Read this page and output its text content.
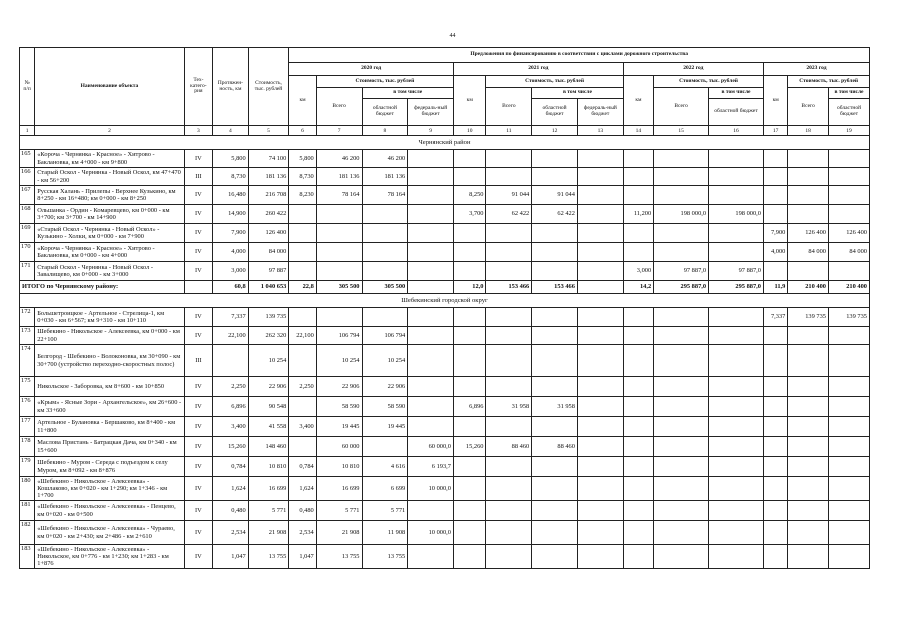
44
№ п/п	Наименование объекта	Тех-катего-рия	Протяжен-ность, км	Стоимость, тыс. рублей	Предложения по финансированию в соответствии с циклами дорожного строительства													
					2020 год				2021 год				2022 год			2023 год		
					км	Стоимость, тыс. рублей			км	Стоимость, тыс. рублей			км	Стоимость, тыс. рублей		км	Стоимость, тыс. рублей	
						Всего	в том числе			Всего	в том числе			Всего	в том числе		Всего	в том числе
							областной бюджет	федераль-ный бюджет			областной бюджет	федераль-ный бюджет			областной бюджет			областной бюджет
1	2	3	4	5	6	7	8	9	10	11	12	13	14	15	16	17	18	19
Чернянский район																		
165	«Короча - Чернянка - Красное» - Хитрово - Баклановка, км 4+000 - км 9+800	IV	5,800	74 100	5,800	46 200	46 200											
166	Старый Оскол - Чернянка - Новый Оскол, км 47+470 - км 56+200	III	8,730	181 136	8,730	181 136	181 136											
167	Русская Халань - Прилепы - Верхнее Кузькино, км 8+250 - км 16+480; км 0+000 - км 8+250	IV	16,480	216 708	8,230	78 164	78 164		8,250	91 044	91 044							
168	Ольшанка - Ордин - Комаревцево, км 0+000 - км 3+700; км 3+700 - км 14+900	IV	14,900	260 422					3,700	62 422	62 422		11,200	198 000,0	198 000,0			
169	«Старый Оскол - Чернянка - Новый Оскол» - Кузькино - Холки, км 0+000 - км 7+900	IV	7,900	126 400												7,900	126 400	126 400
170	«Короча - Чернянка - Красное» - Хитрово - Баклановка, км 0+000 - км 4+000	IV	4,000	84 000												4,000	84 000	84 000
171	Старый Оскол - Чернянка - Новый Оскол - Завалищево, км 0+000 - км 3+000	IV	3,000	97 887									3,000	97 887,0	97 887,0			
ИТОГО по Чернянскому району:			60,8	1 040 653	22,8	305 500	305 500		12,0	153 466	153 466		14,2	295 887,0	295 887,0	11,9	210 400	210 400
Шебекинский городской округ																		
172	Большетроицкое - Артельное - Стрелица-1, км 0+030 - км 6+567; км 9+310 - км 10+110	IV	7,337	139 735												7,337	139 735	139 735
173	Шебекино - Никольское - Алексеевка, км 0+000 - км 22+100	IV	22,100	262 320	22,100	106 794	106 794											
174	Белгород - Шебекино - Волоконовка, км 30+090 - км 30+700 (устройство переходно-скоростных полос)	III		10 254		10 254	10 254											
175	Никольское - Заборовка, км 8+600 - км 10+850	IV	2,250	22 906	2,250	22 906	22 906											
176	«Крым» - Ясные Зори - Архангельское», км 26+600 - км 33+600	IV	6,896	90 548		58 590	58 590		6,896	31 958	31 958							
177	Артельное - Булановка - Бершаково, км 8+400 - км 11+800	IV	3,400	41 558	3,400	19 445	19 445											
178	Масловa Пристань - Батрацкая Дача, км 0+340 - км 15+600	IV	15,260	148 460		60 000		60 000,0	15,260	88 460	88 460							
179	Шебекино - Муром - Середа с подъездом к селу Муром, км 8+092 - км 8+876	IV	0,784	10 810	0,784	10 810	4 616	6 193,7										
180	«Шебекино - Никольское - Алексеевка» - Кошлаково, км 0+020 - км 1+290; км 1+346 - км 1+700	IV	1,624	16 699	1,624	16 699	6 699	10 000,0										
181	«Шебекино - Никольское - Алексеевка» - Пенцево, км 0+020 - км 0+500	IV	0,480	5 771	0,480	5 771	5 771											
182	«Шебекино - Никольское - Алексеевка» - Чураево, км 0+020 - км 2+430; км 2+486 - км 2+610	IV	2,534	21 908	2,534	21 908	11 908	10 000,0										
183	«Шебекино - Никольское - Алексеевка» - Никольское, км 0+776 - км 1+230; км 1+283 - км 1+876	IV	1,047	13 755	1,047	13 755	13 755											
